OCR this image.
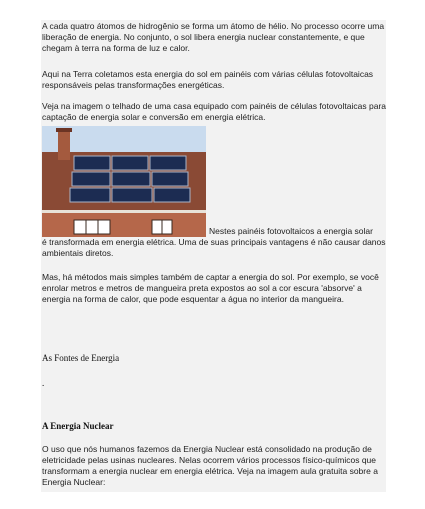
A cada quatro átomos de hidrogênio se forma um átomo de hélio. No processo ocorre uma liberação de energia. No conjunto, o sol libera energia nuclear constantemente, e que chegam à terra na forma de luz e calor.

Aqui na Terra coletamos esta energia do sol em painéis com várias células fotovoltaicas responsáveis pelas transformações energéticas.

Veja na imagem o telhado de uma casa equipado com painéis de células fotovoltaicas para captação de energia solar e conversão em energia elétrica.

Nestes painéis fotovoltaicos a energia solar

é transformada em energia elétrica. Uma de suas principais vantagens é não causar danos ambientais diretos.

Mas, há métodos mais simples também de captar a energia do sol. Por exemplo, se você enrolar metros e metros de mangueira preta expostos ao sol a cor escura 'absorve' a energia na forma de calor, que pode esquentar a água no interior da mangueira.

As Fontes de Energia

.

A Energia Nuclear

O uso que nós humanos fazemos da Energia Nuclear está consolidado na produção de eletricidade pelas usinas nucleares. Nelas ocorrem vários processos físico-químicos que transformam a energia nuclear em energia elétrica. Veja na imagem aula gratuita sobre a Energia Nuclear:
